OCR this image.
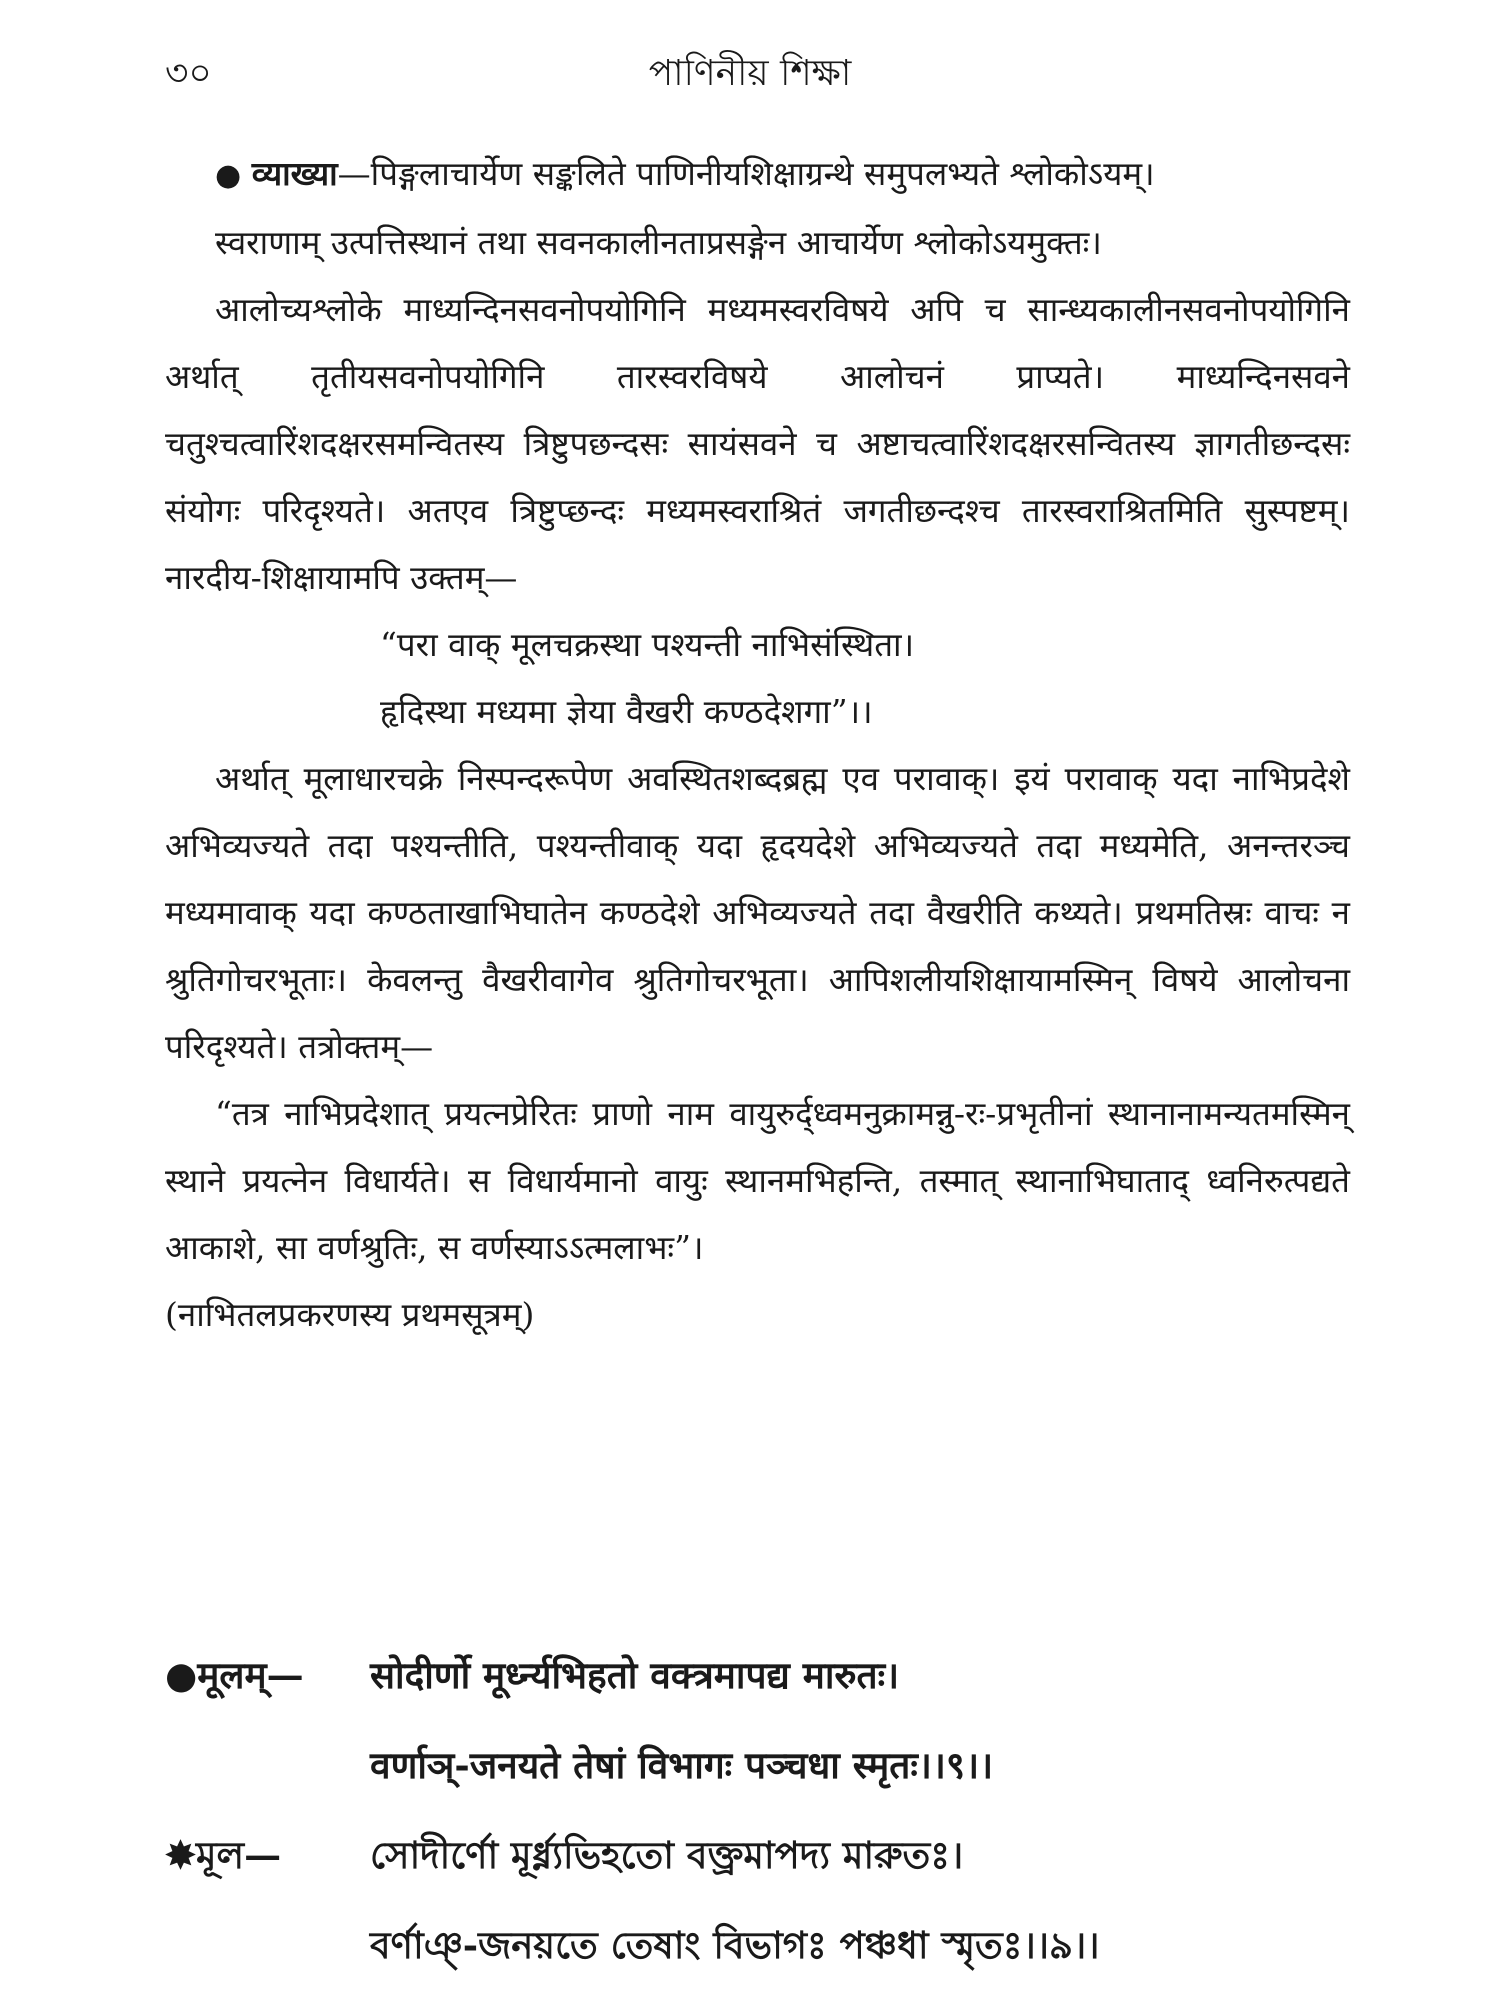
৩০	পাণিনীয় শিক্ষা

● व्याख्या—पिङ्गलाचार्येण सङ्कलिते पाणिनीयशिक्षाग्रन्थे समुपलभ्यते श्लोकोऽयम्।

स्वराणाम् उत्पत्तिस्थानं तथा सवनकालीनताप्रसङ्गेन आचार्येण श्लोकोऽयमुक्तः।

आलोच्यश्लोके माध्यन्दिनसवनोपयोगिनि मध्यमस्वरविषये अपि च सान्ध्यकालीनसवनोपयोगिनि अर्थात् तृतीयसवनोपयोगिनि तारस्वरविषये आलोचनं प्राप्यते। माध्यन्दिनसवने चतुश्चत्वारिंशदक्षरसमन्वितस्य त्रिष्टुपछन्दसः सायंसवने च अष्टाचत्वारिंशदक्षरसन्वितस्य ज्ञागतीछन्दसः संयोगः परिदृश्यते। अतएव त्रिष्टुप्छन्दः मध्यमस्वराश्रितं जगतीछन्दश्च तारस्वराश्रितमिति सुस्पष्टम्। नारदीय-शिक्षायामपि उक्तम्—

“परा वाक् मूलचक्रस्था पश्यन्ती नाभिसंस्थिता।

हृदिस्था मध्यमा ज्ञेया वैखरी कण्ठदेशगा”।।

अर्थात् मूलाधारचक्रे निस्पन्दरूपेण अवस्थितशब्दब्रह्म एव परावाक्। इयं परावाक् यदा नाभिप्रदेशे अभिव्यज्यते तदा पश्यन्तीति, पश्यन्तीवाक् यदा हृदयदेशे अभिव्यज्यते तदा मध्यमेति, अनन्तरञ्च मध्यमावाक् यदा कण्ठताखाभिघातेन कण्ठदेशे अभिव्यज्यते तदा वैखरीति कथ्यते। प्रथमतिस्रः वाचः न श्रुतिगोचरभूताः। केवलन्तु वैखरीवागेव श्रुतिगोचरभूता। आपिशलीयशिक्षायामस्मिन् विषये आलोचना परिदृश्यते। तत्रोक्तम्—

“तत्र नाभिप्रदेशात् प्रयत्नप्रेरितः प्राणो नाम वायुरुर्द्ध्वमनुक्रामन्नु-रः-प्रभृतीनां स्थानानामन्यतमस्मिन् स्थाने प्रयत्नेन विधार्यते। स विधार्यमानो वायुः स्थानमभिहन्ति, तस्मात् स्थानाभिघाताद् ध्वनिरुत्पद्यते आकाशे, सा वर्णश्रुतिः, स वर्णस्याऽऽत्मलाभः”।

(नाभितलप्रकरणस्य प्रथमसूत्रम्)

●मूलम्—	सोदीर्णो मूर्ध्न्यभिहतो वक्त्रमापद्य मारुतः।
वर्णाञ्-जनयते तेषां विभागः पञ्चधा स्मृतः।।९।।
✸মূল—	সোদীর্ণো মূর্ধ্ন্যভিহতো বক্ত্রমাপদ্য মারুতঃ।
বর্ণাঞ্-জনয়তে তেষাং বিভাগঃ পঞ্চধা স্মৃতঃ।।৯।।
